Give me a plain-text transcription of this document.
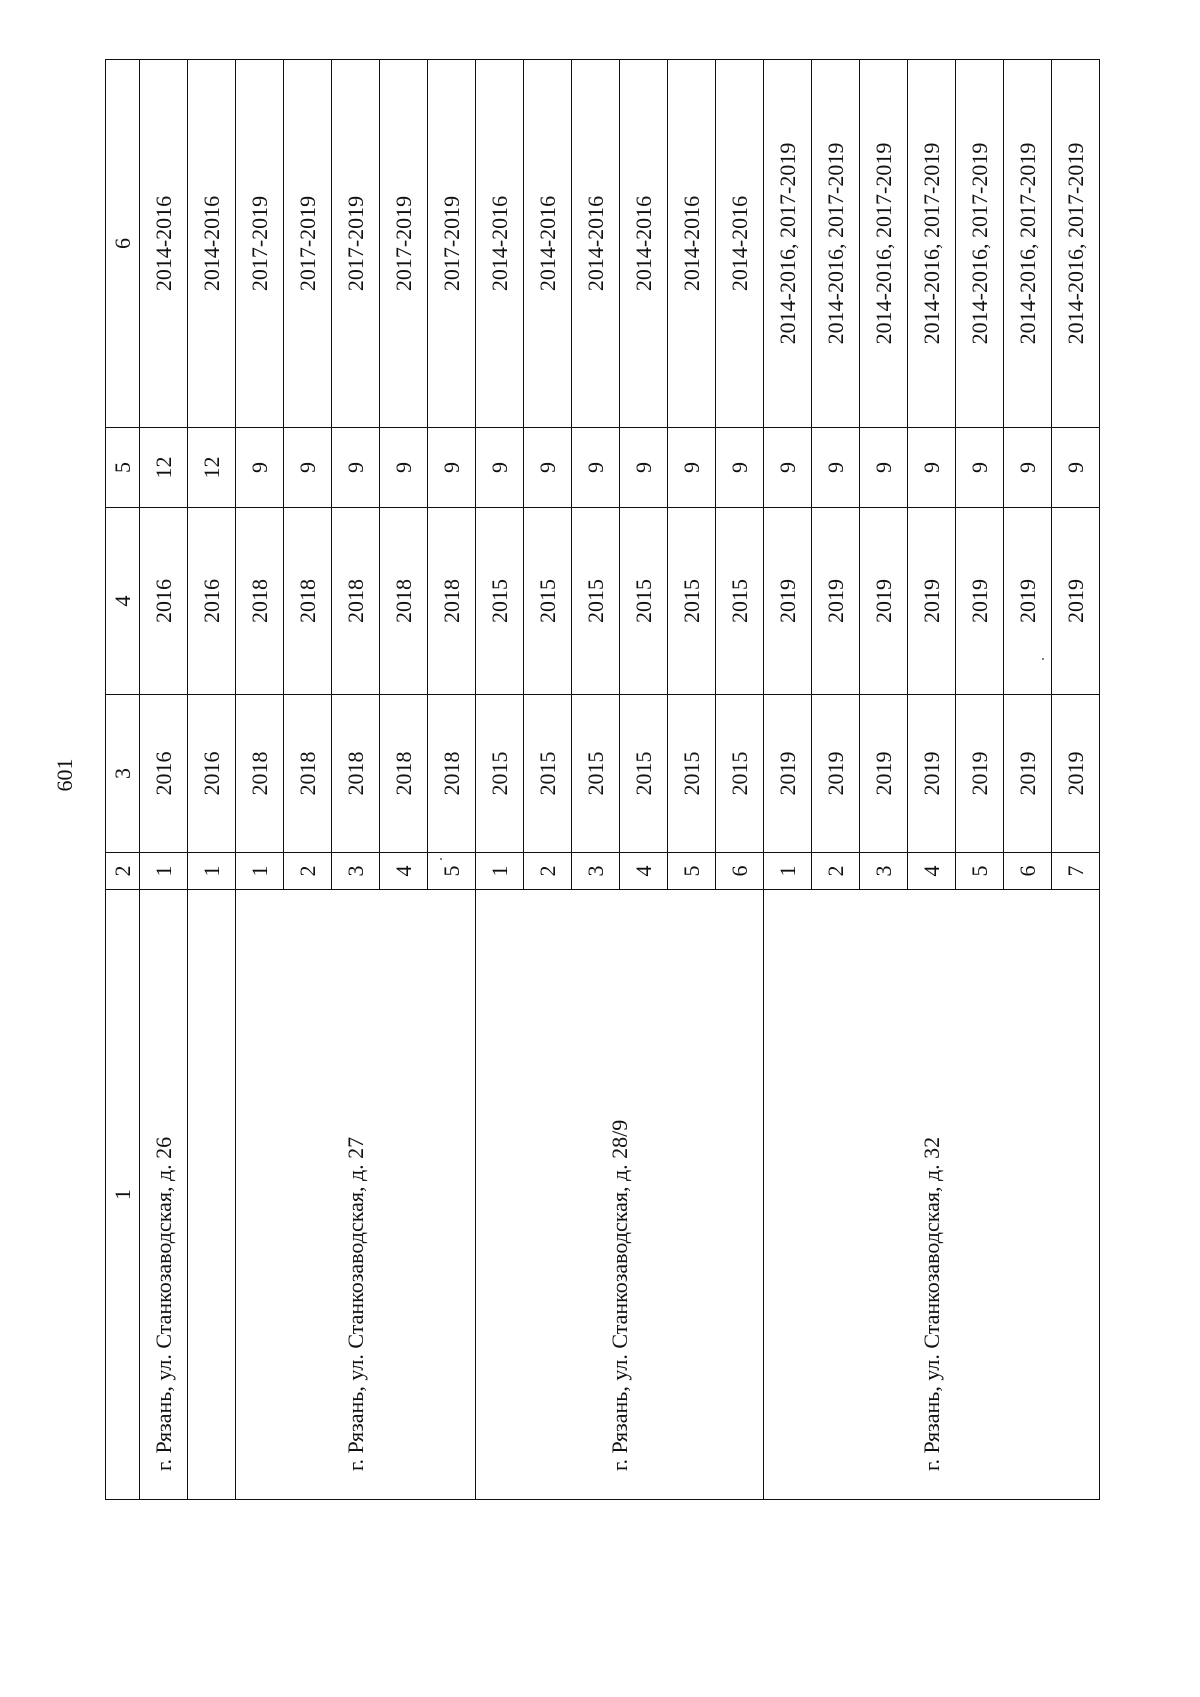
601
1	2	3	4	5	6
г. Рязань, ул. Станкозаводская, д. 26	1	2016	2016	12	2014-2016
	1	2016	2016	12	2014-2016
г. Рязань, ул. Станкозаводская, д. 27	1	2018	2018	9	2017-2019
	2	2018	2018	9	2017-2019
	3	2018	2018	9	2017-2019
	4	2018	2018	9	2017-2019
	5	2018	2018	9	2017-2019
г. Рязань, ул. Станкозаводская, д. 28/9	1	2015	2015	9	2014-2016
	2	2015	2015	9	2014-2016
	3	2015	2015	9	2014-2016
	4	2015	2015	9	2014-2016
	5	2015	2015	9	2014-2016
	6	2015	2015	9	2014-2016
г. Рязань, ул. Станкозаводская, д. 32	1	2019	2019	9	2014-2016, 2017-2019
	2	2019	2019	9	2014-2016, 2017-2019
	3	2019	2019	9	2014-2016, 2017-2019
	4	2019	2019	9	2014-2016, 2017-2019
	5	2019	2019	9	2014-2016, 2017-2019
	6	2019	2019	9	2014-2016, 2017-2019
	7	2019	2019	9	2014-2016, 2017-2019
